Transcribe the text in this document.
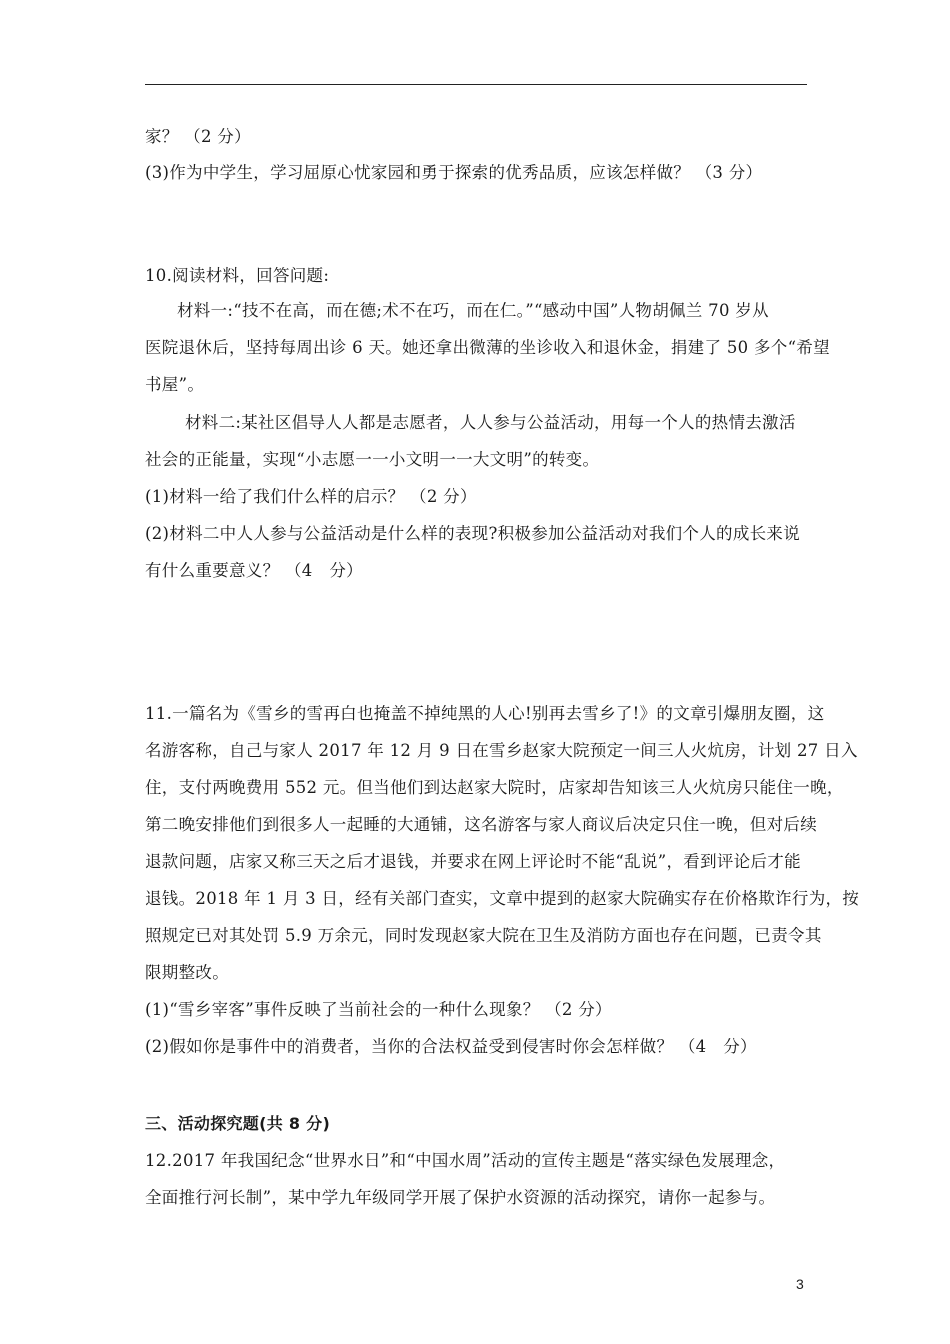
家？ （2 分）
(3)作为中学生，学习屈原心忧家园和勇于探索的优秀品质，应该怎样做？ （3 分）
10.阅读材料，回答问题:
材料一:“技不在高，而在德;术不在巧，而在仁。”“感动中国”人物胡佩兰 70 岁从
医院退休后，坚持每周出诊 6 天。她还拿出微薄的坐诊收入和退休金，捐建了 50 多个“希望
书屋”。
材料二:某社区倡导人人都是志愿者，人人参与公益活动，用每一个人的热情去激活
社会的正能量，实现“小志愿一一小文明一一大文明”的转变。
(1)材料一给了我们什么样的启示？ （2 分）
(2)材料二中人人参与公益活动是什么样的表现?积极参加公益活动对我们个人的成长来说
有什么重要意义？ （4　分）
11.一篇名为《雪乡的雪再白也掩盖不掉纯黑的人心!别再去雪乡了!》的文章引爆朋友圈，这
名游客称，自己与家人 2017 年 12 月 9 日在雪乡赵家大院预定一间三人火炕房，计划 27 日入
住，支付两晚费用 552 元。但当他们到达赵家大院时，店家却告知该三人火炕房只能住一晚，
第二晚安排他们到很多人一起睡的大通铺，这名游客与家人商议后决定只住一晚，但对后续
退款问题，店家又称三天之后才退钱，并要求在网上评论时不能“乱说”，看到评论后才能
退钱。2018 年 1 月 3 日，经有关部门查实，文章中提到的赵家大院确实存在价格欺诈行为，按
照规定已对其处罚 5.9 万余元，同时发现赵家大院在卫生及消防方面也存在问题，已责令其
限期整改。
(1)“雪乡宰客”事件反映了当前社会的一种什么现象？ （2 分）
(2)假如你是事件中的消费者，当你的合法权益受到侵害时你会怎样做？ （4　分）
三、活动探究题(共 8 分)
12.2017 年我国纪念“世界水日”和“中国水周”活动的宣传主题是“落实绿色发展理念，
全面推行河长制”，某中学九年级同学开展了保护水资源的活动探究，请你一起参与。
3
